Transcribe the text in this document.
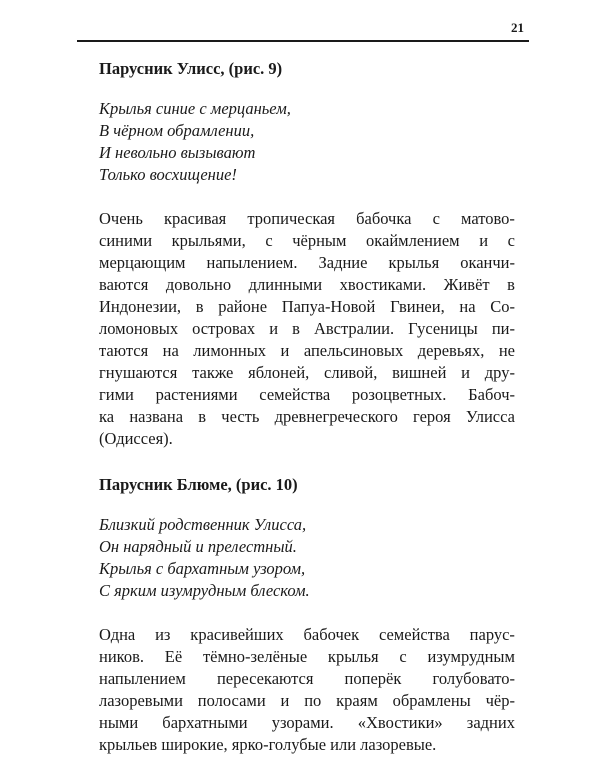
21
Парусник Улисс, (рис. 9)
Крылья синие с мерцаньем,
В чёрном обрамлении,
И невольно вызывают
Только восхищение!
Очень красивая тропическая бабочка с матово-
синими крыльями, с чёрным окаймлением и с
мерцающим напылением. Задние крылья оканчи-
ваются довольно длинными хвостиками. Живёт в
Индонезии, в районе Папуа-Новой Гвинеи, на Со-
ломоновых островах и в Австралии. Гусеницы пи-
таются на лимонных и апельсиновых деревьях, не
гнушаются также яблоней, сливой, вишней и дру-
гими растениями семейства розоцветных. Бабоч-
ка названа в честь древнегреческого героя Улисса
(Одиссея).
Парусник Блюме, (рис. 10)
Близкий родственник Улисса,
Он нарядный и прелестный.
Крылья с бархатным узором,
С ярким изумрудным блеском.
Одна из красивейших бабочек семейства парус-
ников. Её тёмно-зелёные крылья с изумрудным
напылением пересекаются поперёк голубовато-
лазоревыми полосами и по краям обрамлены чёр-
ными бархатными узорами. «Хвостики» задних
крыльев широкие, ярко-голубые или лазоревые.
